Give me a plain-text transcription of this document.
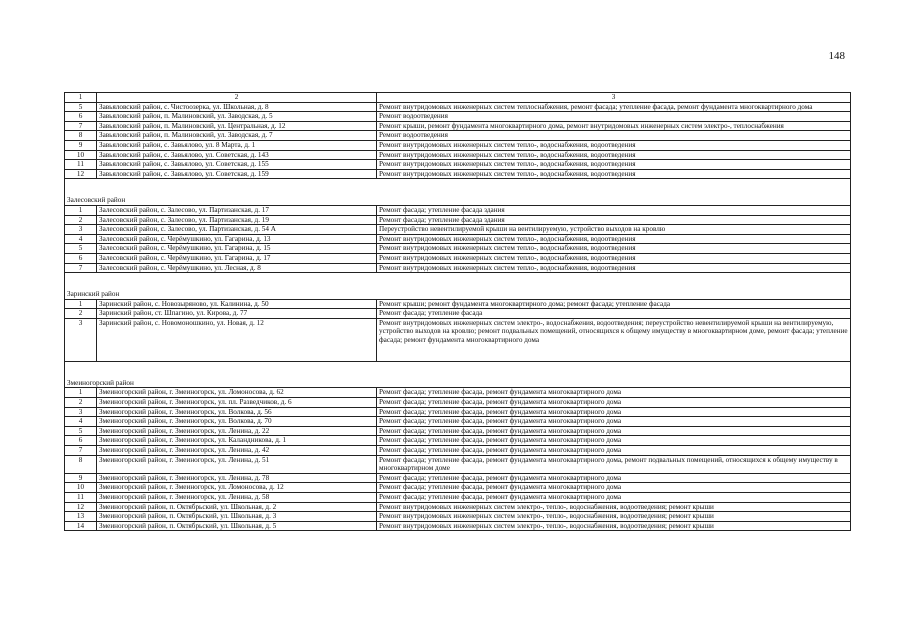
148
1	2	3
5	Завьяловский район, с. Чистоозерка, ул. Школьная, д. 8	Ремонт внутридомовых инженерных систем теплоснабжения, ремонт фасада; утепление фасада, ремонт фундамента многоквартирного дома
6	Завьяловский район, п. Малиновский, ул. Заводская, д. 5	Ремонт водоотведения
7	Завьяловский район, п. Малиновский, ул. Центральная, д. 12	Ремонт крыши, ремонт фундамента многоквартирного дома, ремонт внутридомовых инженерных систем электро-, теплоснабжения
8	Завьяловский район, п. Малиновский, ул. Заводская, д. 7	Ремонт водоотведения
9	Завьяловский район, с. Завьялово, ул. 8 Марта, д. 1	Ремонт внутридомовых инженерных систем тепло-, водоснабжения, водоотведения
10	Завьяловский район, с. Завьялово, ул. Советская, д. 143	Ремонт внутридомовых инженерных систем тепло-, водоснабжения, водоотведения
11	Завьяловский район, с. Завьялово, ул. Советская, д. 155	Ремонт внутридомовых инженерных систем тепло-, водоснабжения, водоотведения
12	Завьяловский район, с. Завьялово, ул. Советская, д. 159	Ремонт внутридомовых инженерных систем тепло-, водоснабжения, водоотведения

Залесовский район		
1	Залесовский район, с. Залесово, ул. Партизанская, д. 17	Ремонт фасада; утепление фасада здания
2	Залесовский район, с. Залесово, ул. Партизанская, д. 19	Ремонт фасада; утепление фасада здания
3	Залесовский район, с. Залесово, ул. Партизанская, д. 54 А	Переустройство невентилируемой крыши на вентилируемую, устройство выходов на кровлю
4	Залесовский район, с. Черёмушкино, ул. Гагарина, д. 13	Ремонт внутридомовых инженерных систем тепло-, водоснабжения, водоотведения
5	Залесовский район, с. Черёмушкино, ул. Гагарина, д. 15	Ремонт внутридомовых инженерных систем тепло-, водоснабжения, водоотведения
6	Залесовский район, с. Черёмушкино, ул. Гагарина, д. 17	Ремонт внутридомовых инженерных систем тепло-, водоснабжения, водоотведения
7	Залесовский район, с. Черёмушкино, ул. Лесная, д. 8	Ремонт внутридомовых инженерных систем тепло-, водоснабжения, водоотведения

Заринский район		
1	Заринский район, с. Новозыряново, ул. Калинина, д. 50	Ремонт крыши; ремонт фундамента многоквартирного дома; ремонт фасада; утепление фасада
2	Заринский район, ст. Шпагино, ул. Кирова, д. 77	Ремонт фасада; утепление фасада
3	Заринский район, с. Новомоношкино, ул. Новая, д. 12	Ремонт внутридомовых инженерных систем электро-, водоснабжения, водоотведения; переустройство невентилируемой крыши на вентилируемую, устройство выходов на кровлю; ремонт подвальных помещений, относящихся к общему имуществу в многоквартирном доме, ремонт фасада; утепление фасада; ремонт фундамента многоквартирного дома

Змеиногорский район		
1	Змеиногорский район, г. Змеиногорск, ул. Ломоносова, д. 62	Ремонт фасада; утепление фасада, ремонт фундамента многоквартирного дома
2	Змеиногорский район, г. Змеиногорск, ул. пл. Разведчиков, д. 6	Ремонт фасада; утепление фасада, ремонт фундамента многоквартирного дома
3	Змеиногорский район, г. Змеиногорск, ул. Волкова, д. 56	Ремонт фасада; утепление фасада, ремонт фундамента многоквартирного дома
4	Змеиногорский район, г. Змеиногорск, ул. Волкова, д. 70	Ремонт фасада; утепление фасада, ремонт фундамента многоквартирного дома
5	Змеиногорский район, г. Змеиногорск, ул. Ленина, д. 22	Ремонт фасада; утепление фасада, ремонт фундамента многоквартирного дома
6	Змеиногорский район, г. Змеиногорск, ул. Каландникова, д. 1	Ремонт фасада; утепление фасада, ремонт фундамента многоквартирного дома
7	Змеиногорский район, г. Змеиногорск, ул. Ленина, д. 42	Ремонт фасада; утепление фасада, ремонт фундамента многоквартирного дома
8	Змеиногорский район, г. Змеиногорск, ул. Ленина, д. 51	Ремонт фасада; утепление фасада, ремонт фундамента многоквартирного дома, ремонт подвальных помещений, относящихся к общему имуществу в многоквартирном доме
9	Змеиногорский район, г. Змеиногорск, ул. Ленина, д. 78	Ремонт фасада; утепление фасада, ремонт фундамента многоквартирного дома
10	Змеиногорский район, г. Змеиногорск, ул. Ломоносова, д. 12	Ремонт фасада; утепление фасада, ремонт фундамента многоквартирного дома
11	Змеиногорский район, г. Змеиногорск, ул. Ленина, д. 58	Ремонт фасада; утепление фасада, ремонт фундамента многоквартирного дома
12	Змеиногорский район, п. Октябрьский, ул. Школьная, д. 2	Ремонт внутридомовых инженерных систем электро-, тепло-, водоснабжения, водоотведения; ремонт крыши
13	Змеиногорский район, п. Октябрьский, ул. Школьная, д. 3	Ремонт внутридомовых инженерных систем электро-, тепло-, водоснабжения, водоотведения; ремонт крыши
14	Змеиногорский район, п. Октябрьский, ул. Школьная, д. 5	Ремонт внутридомовых инженерных систем электро-, тепло-, водоснабжения, водоотведения; ремонт крыши
